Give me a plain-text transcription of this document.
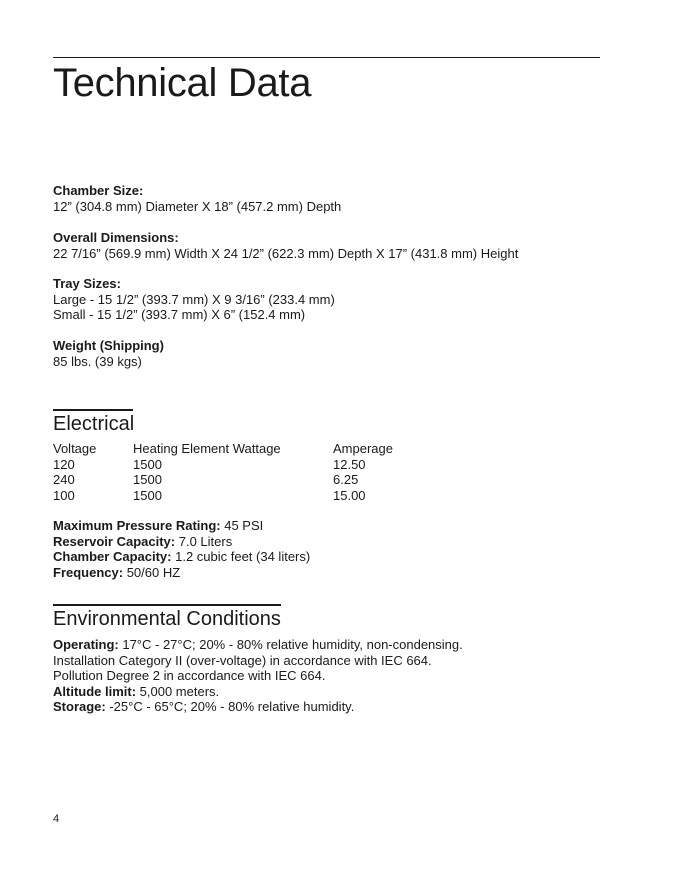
Technical Data
Chamber Size:
12” (304.8 mm) Diameter X 18” (457.2 mm) Depth
Overall Dimensions:
22 7/16” (569.9 mm) Width X 24 1/2” (622.3 mm) Depth X 17” (431.8 mm) Height
Tray Sizes:
Large - 15 1/2” (393.7 mm) X 9 3/16” (233.4 mm)
Small - 15 1/2” (393.7 mm) X 6” (152.4 mm)
Weight (Shipping)
85 lbs. (39 kgs)
Electrical
Voltage	Heating Element Wattage	Amperage
120	1500	12.50
240	1500	6.25
100	1500	15.00
Maximum Pressure Rating: 45 PSI
Reservoir Capacity: 7.0 Liters
Chamber Capacity: 1.2 cubic feet (34 liters)
Frequency: 50/60 HZ
Environmental Conditions
Operating: 17°C - 27°C; 20% - 80% relative humidity, non-condensing.
Installation Category II (over-voltage) in accordance with IEC 664.
Pollution Degree 2 in accordance with IEC 664.
Altitude limit: 5,000 meters.
Storage: -25°C - 65°C; 20% - 80% relative humidity.
4
